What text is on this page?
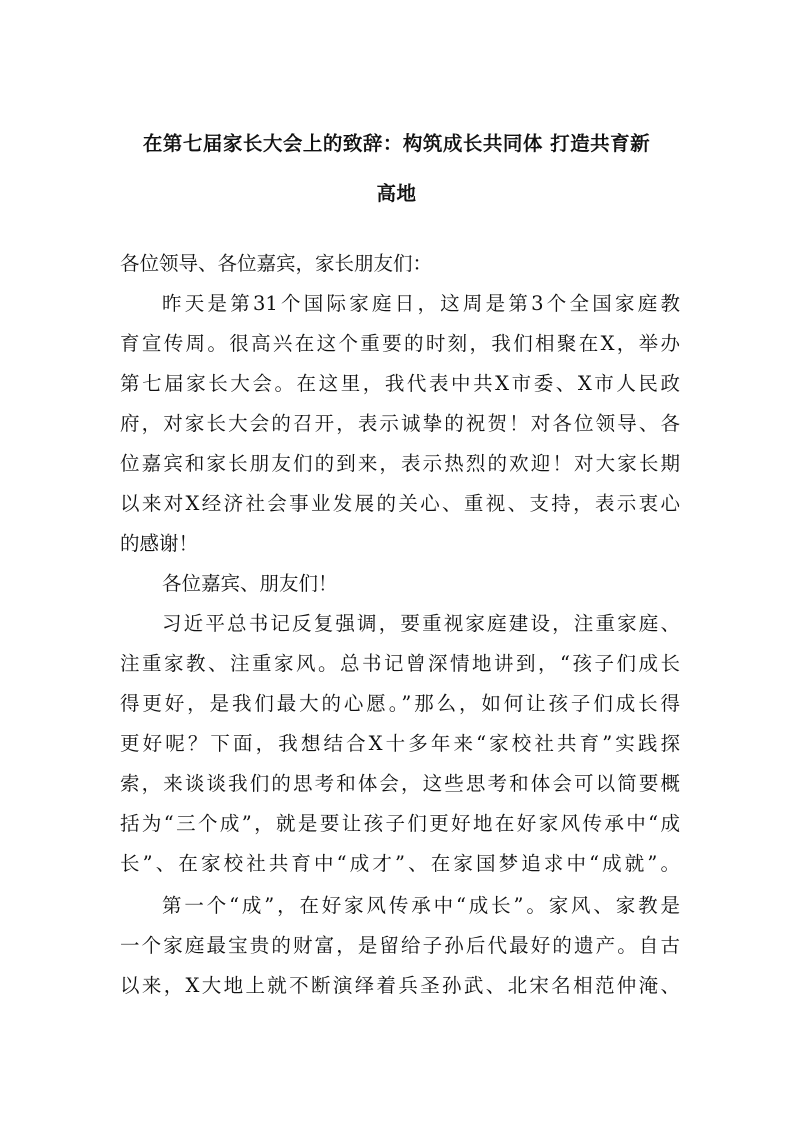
在第七届家长大会上的致辞：构筑成长共同体 打造共育新
高地
各位领导、各位嘉宾，家长朋友们：
昨天是第31个国际家庭日，这周是第3个全国家庭教
育宣传周。很高兴在这个重要的时刻，我们相聚在X，举办
第七届家长大会。在这里，我代表中共X市委、X市人民政
府，对家长大会的召开，表示诚挚的祝贺！对各位领导、各
位嘉宾和家长朋友们的到来，表示热烈的欢迎！对大家长期
以来对X经济社会事业发展的关心、重视、支持，表示衷心
的感谢！
各位嘉宾、朋友们！
习近平总书记反复强调，要重视家庭建设，注重家庭、
注重家教、注重家风。总书记曾深情地讲到，“孩子们成长
得更好，是我们最大的心愿。”那么，如何让孩子们成长得
更好呢？下面，我想结合X十多年来“家校社共育”实践探
索，来谈谈我们的思考和体会，这些思考和体会可以简要概
括为“三个成”，就是要让孩子们更好地在好家风传承中“成
长”、在家校社共育中“成才”、在家国梦追求中“成就”。
第一个“成”，在好家风传承中“成长”。家风、家教是
一个家庭最宝贵的财富，是留给子孙后代最好的遗产。自古
以来，X大地上就不断演绎着兵圣孙武、北宋名相范仲淹、
